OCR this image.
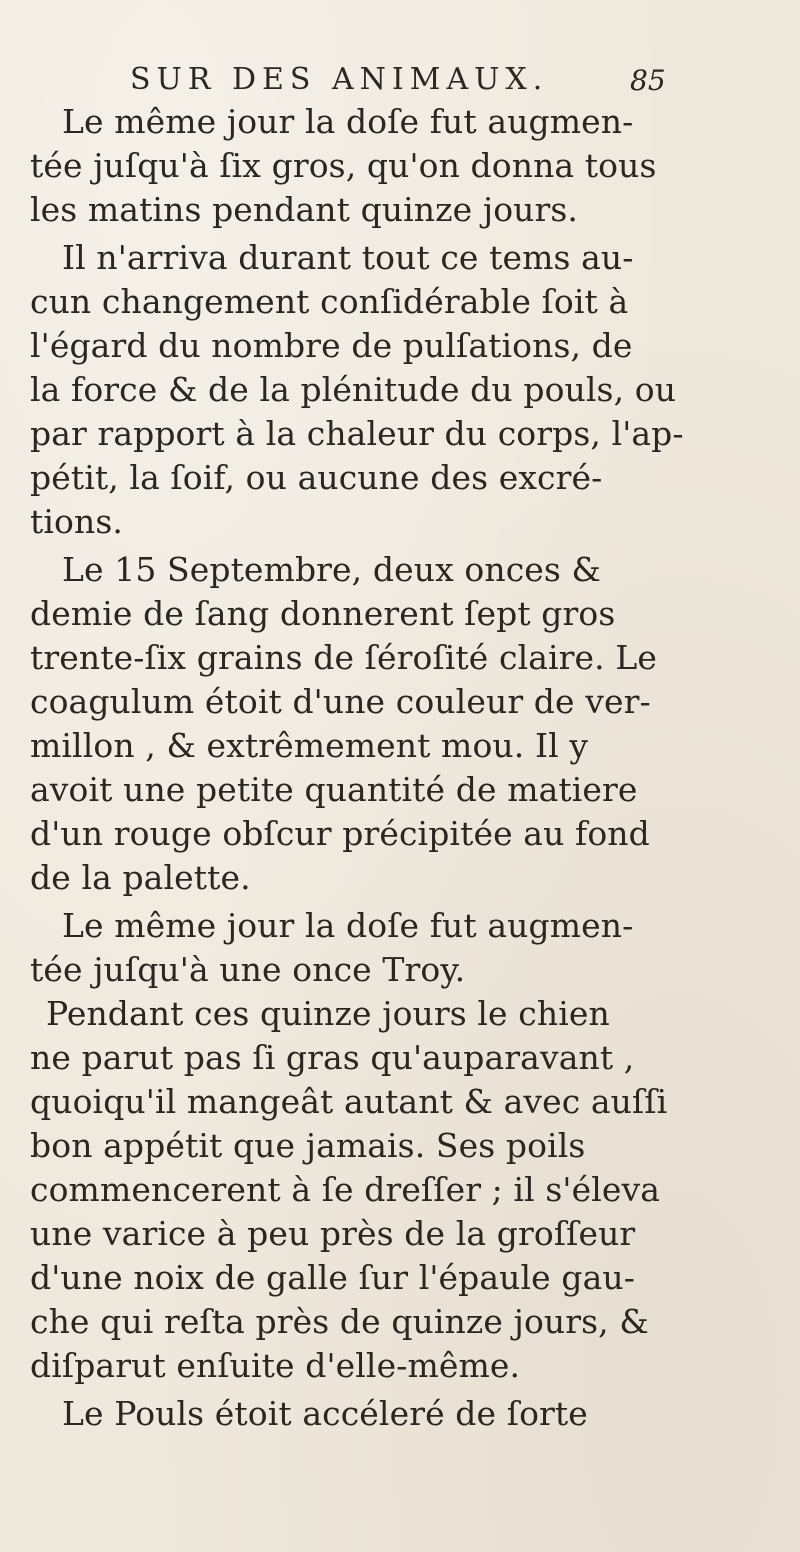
SUR DES ANIMAUX.	85
Le même jour la doſe fut augmen-
tée juſqu'à ſix gros, qu'on donna tous
les matins pendant quinze jours.
Il n'arriva durant tout ce tems au-
cun changement conſidérable ſoit à
l'égard du nombre de pulſations, de
la force & de la plénitude du pouls, ou
par rapport à la chaleur du corps, l'ap-
pétit, la ſoif, ou aucune des excré-
tions.
Le 15 Septembre, deux onces &
demie de ſang donnerent ſept gros
trente-ſix grains de ſéroſité claire. Le
coagulum étoit d'une couleur de ver-
millon , & extrêmement mou. Il y
avoit une petite quantité de matiere
d'un rouge obſcur précipitée au fond
de la palette.
Le même jour la doſe fut augmen-
tée juſqu'à une once Troy.
Pendant ces quinze jours le chien
ne parut pas ſi gras qu'auparavant ,
quoiqu'il mangeât autant & avec auſſi
bon appétit que jamais. Ses poils
commencerent à ſe dreſſer ; il s'éleva
une varice à peu près de la groſſeur
d'une noix de galle ſur l'épaule gau-
che qui reſta près de quinze jours, &
diſparut enſuite d'elle-même.
Le Pouls étoit accéleré de ſorte
